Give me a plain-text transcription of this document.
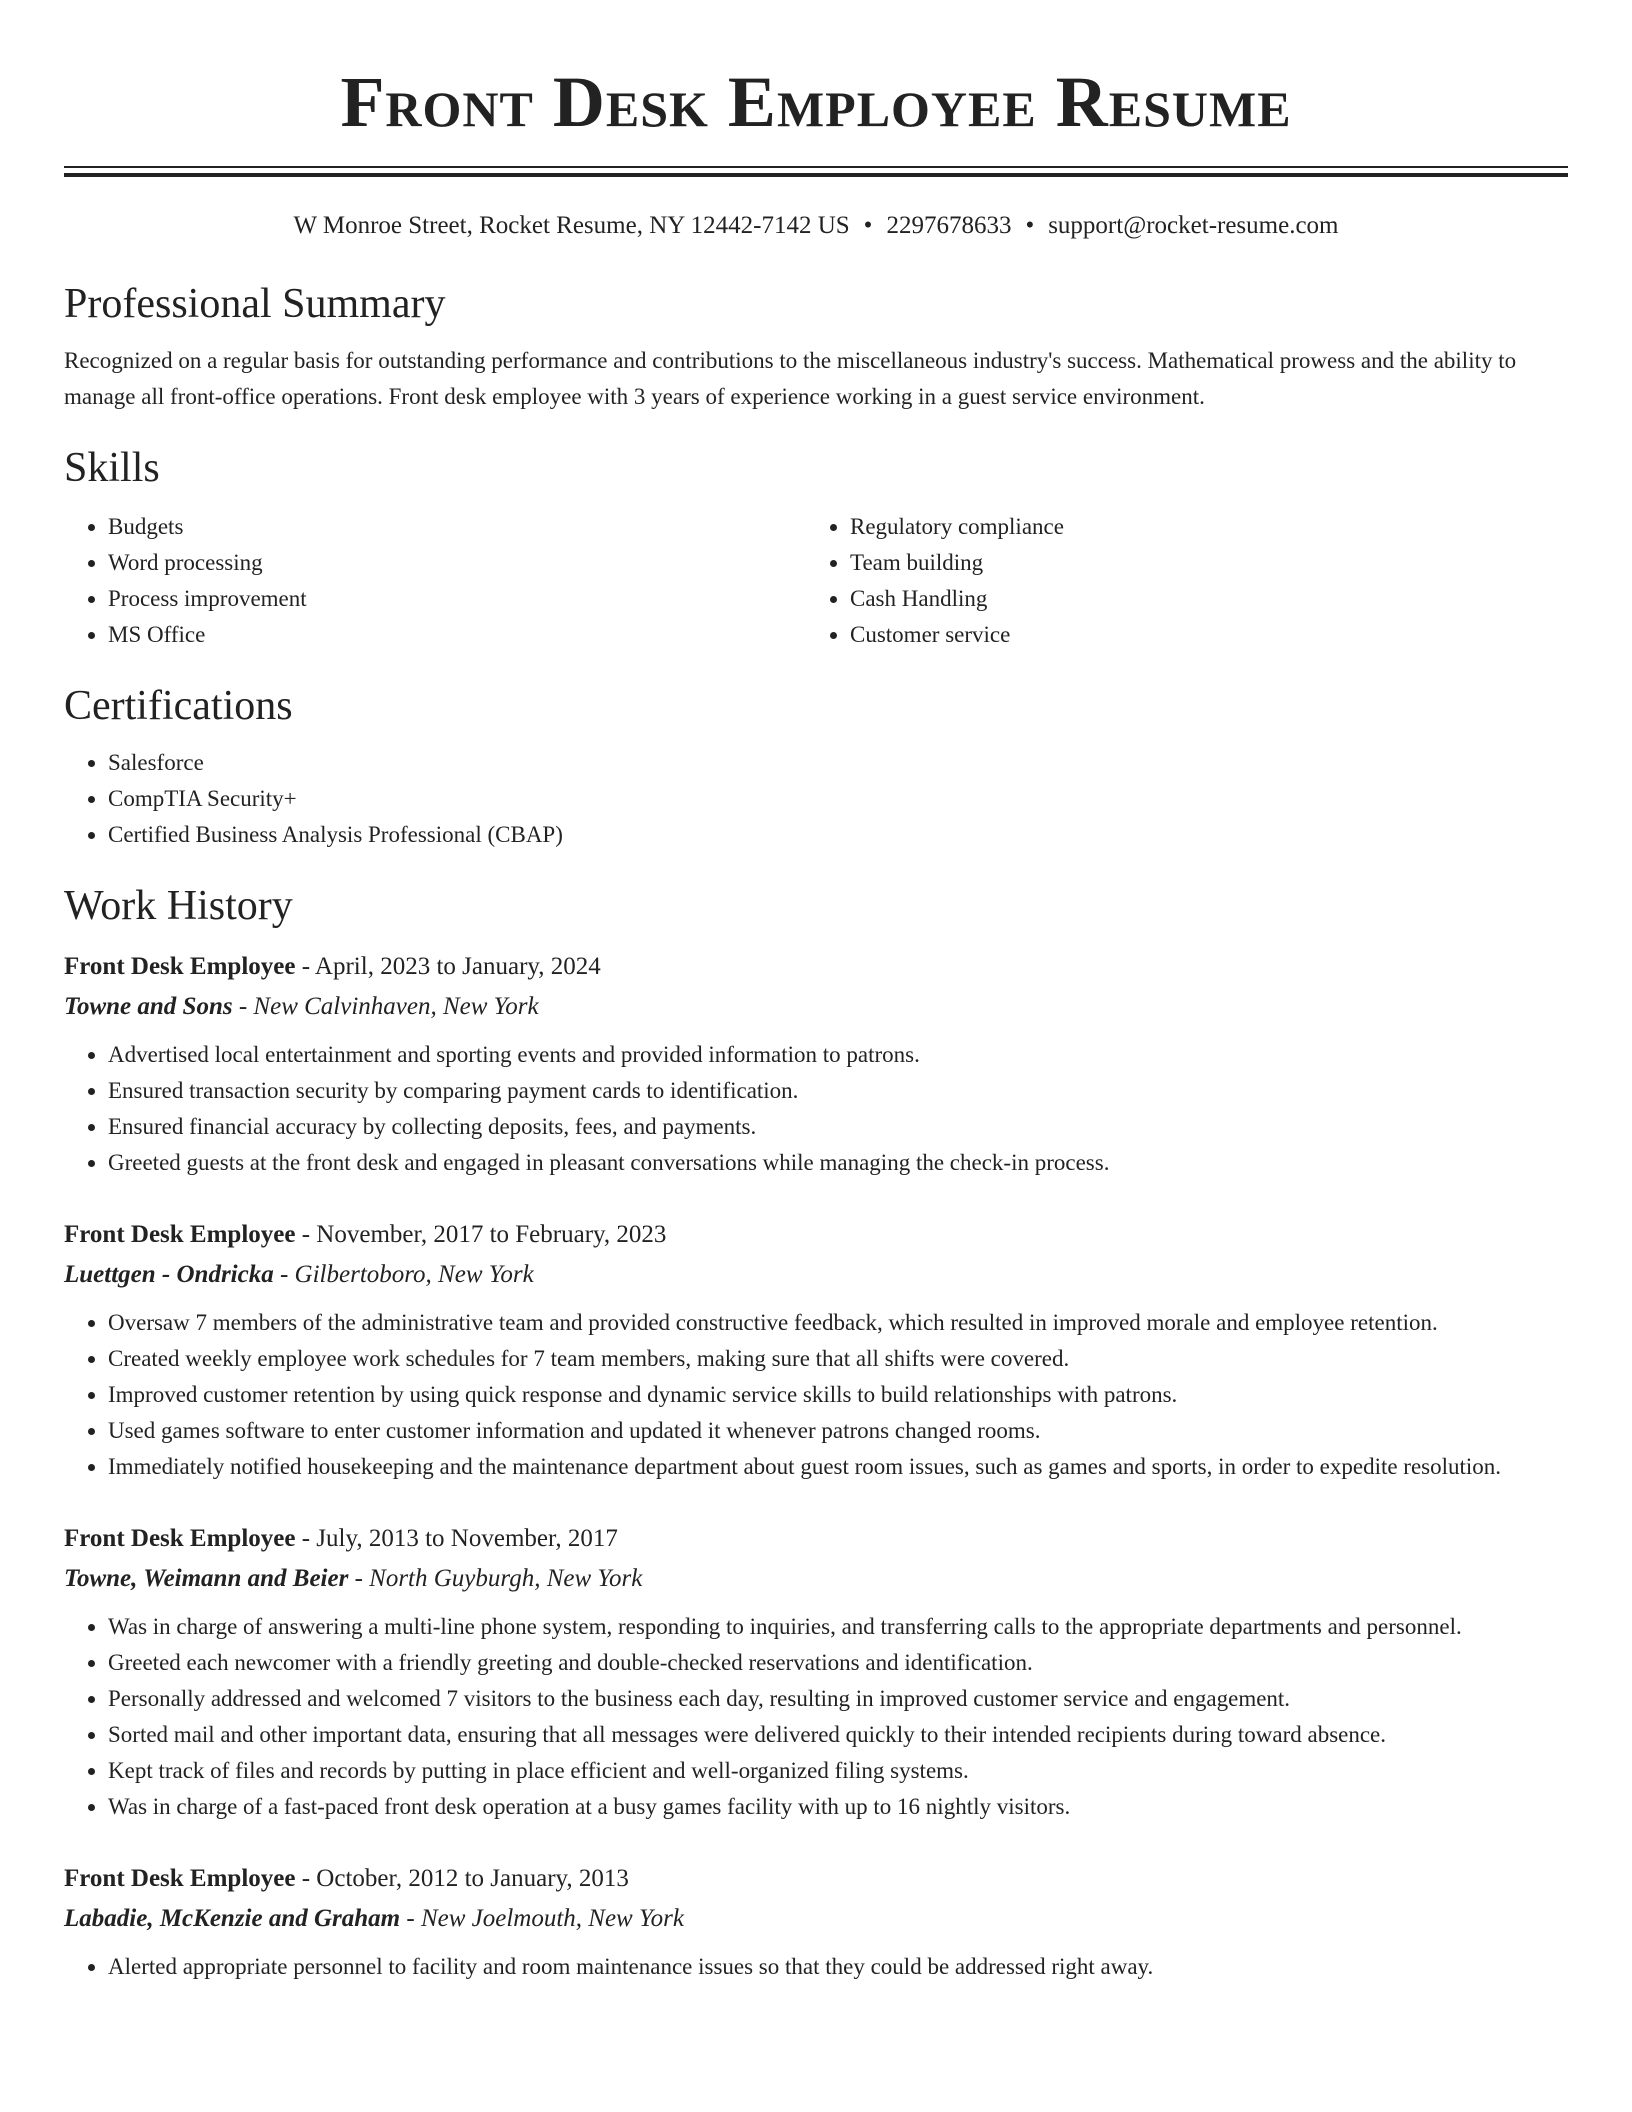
Front Desk Employee Resume
W Monroe Street, Rocket Resume, NY 12442-7142 US • 2297678633 • support@rocket-resume.com
Professional Summary

Recognized on a regular basis for outstanding performance and contributions to the miscellaneous industry's success. Mathematical prowess and the ability to manage all front-office operations. Front desk employee with 3 years of experience working in a guest service environment.

Skills
• Budgets
• Word processing
• Process improvement
• MS Office
• Regulatory compliance
• Team building
• Cash Handling
• Customer service
Certifications
• Salesforce
• CompTIA Security+
• Certified Business Analysis Professional (CBAP)
Work History
Front Desk Employee - April, 2023 to January, 2024
Towne and Sons - New Calvinhaven, New York
• Advertised local entertainment and sporting events and provided information to patrons.
• Ensured transaction security by comparing payment cards to identification.
• Ensured financial accuracy by collecting deposits, fees, and payments.
• Greeted guests at the front desk and engaged in pleasant conversations while managing the check-in process.
Front Desk Employee - November, 2017 to February, 2023
Luettgen - Ondricka - Gilbertoboro, New York
• Oversaw 7 members of the administrative team and provided constructive feedback, which resulted in improved morale and employee retention.
• Created weekly employee work schedules for 7 team members, making sure that all shifts were covered.
• Improved customer retention by using quick response and dynamic service skills to build relationships with patrons.
• Used games software to enter customer information and updated it whenever patrons changed rooms.
• Immediately notified housekeeping and the maintenance department about guest room issues, such as games and sports, in order to expedite resolution.
Front Desk Employee - July, 2013 to November, 2017
Towne, Weimann and Beier - North Guyburgh, New York
• Was in charge of answering a multi-line phone system, responding to inquiries, and transferring calls to the appropriate departments and personnel.
• Greeted each newcomer with a friendly greeting and double-checked reservations and identification.
• Personally addressed and welcomed 7 visitors to the business each day, resulting in improved customer service and engagement.
• Sorted mail and other important data, ensuring that all messages were delivered quickly to their intended recipients during toward absence.
• Kept track of files and records by putting in place efficient and well-organized filing systems.
• Was in charge of a fast-paced front desk operation at a busy games facility with up to 16 nightly visitors.
Front Desk Employee - October, 2012 to January, 2013
Labadie, McKenzie and Graham - New Joelmouth, New York
• Alerted appropriate personnel to facility and room maintenance issues so that they could be addressed right away.
